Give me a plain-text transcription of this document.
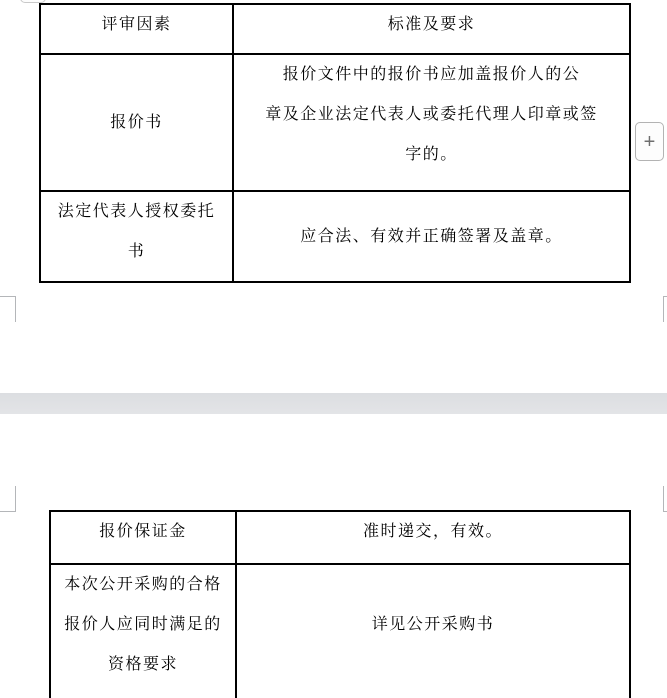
评审因素	标准及要求

报价书	报价文件中的报价书应加盖报价人的公
章及企业法定代表人或委托代理人印章或签
字的。

法定代表人授权委托
书	应合法、有效并正确签署及盖章。
+
报价保证金	准时递交，有效。

本次公开采购的合格
报价人应同时满足的
资格要求	详见公开采购书
